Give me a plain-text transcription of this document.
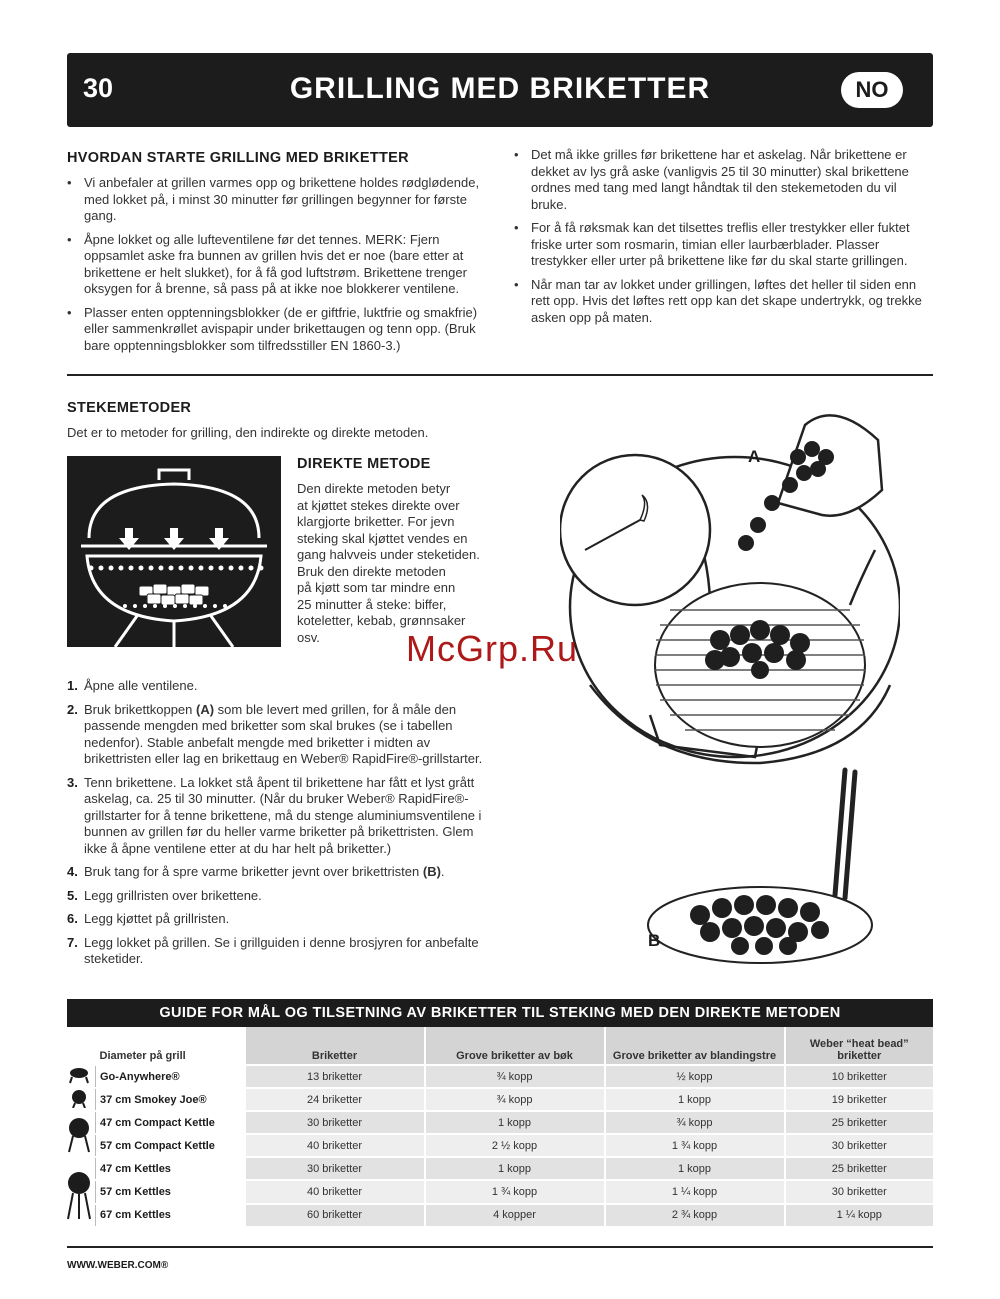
30	GRILLING MED BRIKETTER	NO
HVORDAN STARTE GRILLING MED BRIKETTER
• Vi anbefaler at grillen varmes opp og brikettene holdes rødglødende, med lokket på, i minst 30 minutter før grillingen begynner for første gang.
• Åpne lokket og alle lufteventilene før det tennes. MERK: Fjern oppsamlet aske fra bunnen av grillen hvis det er noe (bare etter at brikettene er helt slukket), for å få god luftstrøm. Brikettene trenger oksygen for å brenne, så pass på at ikke noe blokkerer ventilene.
• Plasser enten opptenningsblokker (de er giftfrie, luktfrie og smakfrie) eller sammenkrøllet avispapir under brikettaugen og tenn opp. (Bruk bare opptenningsblokker som tilfredsstiller EN 1860-3.)
• Det må ikke grilles før brikettene har et askelag. Når brikettene er dekket av lys grå aske (vanligvis 25 til 30 minutter) skal brikettene ordnes med tang med langt håndtak til den stekemetoden du vil bruke.
• For å få røksmak kan det tilsettes treflis eller trestykker eller fuktet friske urter som rosmarin, timian eller laurbærblader. Plasser trestykker eller urter på brikettene like før du skal starte grillingen.
• Når man tar av lokket under grillingen, løftes det heller til siden enn rett opp. Hvis det løftes rett opp kan det skape undertrykk, og trekke asken opp på maten.
STEKEMETODER
Det er to metoder for grilling, den indirekte og direkte metoden.
DIREKTE METODE
Den direkte metoden betyr
at kjøttet stekes direkte over
klargjorte briketter. For jevn
steking skal kjøttet vendes en
gang halvveis under steketiden.
Bruk den direkte metoden
på kjøtt som tar mindre enn
25 minutter å steke: biffer,
koteletter, kebab, grønnsaker
osv.
A
B
McGrp.Ru
1. Åpne alle ventilene.
2. Bruk brikettkoppen (A) som ble levert med grillen, for å måle den passende mengden med briketter som skal brukes (se i tabellen nedenfor). Stable anbefalt mengde med briketter i midten av brikettristen eller lag en brikettaug en Weber® RapidFire®-grillstarter.
3. Tenn brikettene. La lokket stå åpent til brikettene har fått et lyst grått askelag, ca. 25 til 30 minutter. (Når du bruker Weber® RapidFire®-grillstarter for å tenne brikettene, må du stenge aluminiumsventilene i bunnen av grillen før du heller varme briketter på brikettristen. Glem ikke å åpne ventilene etter at du har helt på briketter.)
4. Bruk tang for å spre varme briketter jevnt over brikettristen (B).
5. Legg grillristen over brikettene.
6. Legg kjøttet på grillristen.
7. Legg lokket på grillen. Se i grillguiden i denne brosjyren for anbefalte steketider.
GUIDE FOR MÅL OG TILSETNING AV BRIKETTER TIL STEKING MED DEN DIREKTE METODEN
	Diameter på grill	Briketter	Grove briketter av bøk	Grove briketter av blandingstre	Weber “heat bead” briketter
	Go-Anywhere®	13 briketter	¾ kopp	½ kopp	10 briketter
	37 cm Smokey Joe®	24 briketter	¾ kopp	1 kopp	19 briketter
	47 cm Compact Kettle	30 briketter	1 kopp	¾ kopp	25 briketter
	57 cm Compact Kettle	40 briketter	2 ½ kopp	1 ¾ kopp	30 briketter
	47 cm Kettles	30 briketter	1 kopp	1 kopp	25 briketter
	57 cm Kettles	40 briketter	1 ¾ kopp	1 ¼ kopp	30 briketter
	67 cm Kettles	60 briketter	4 kopper	2 ¾ kopp	1 ¼ kopp
WWW.WEBER.COM®
